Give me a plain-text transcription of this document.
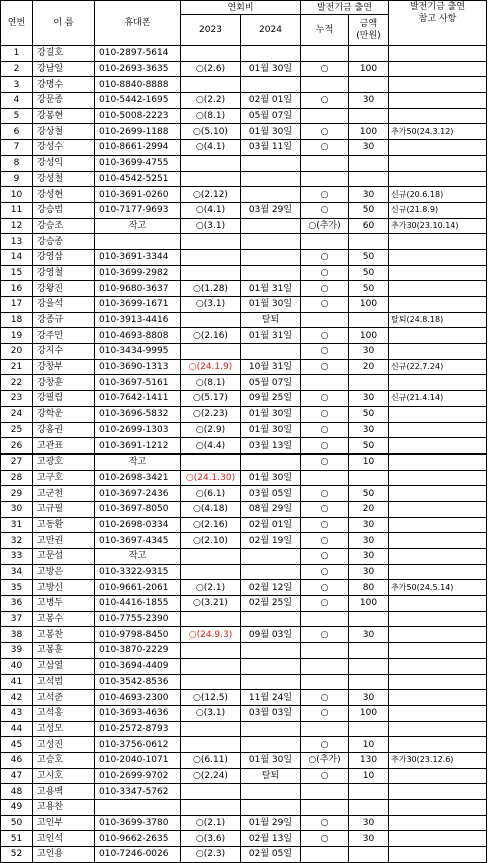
연번	이 름	휴대폰	연회비		발전기금 출연		발전기금 출연
참고 사항
			2023	2024	누적	금액
(만원)	
1	강길호	010-2897-5614					
2	강남일	010-2693-3635	○(2.6)	01월 30일	○	100	
3	강명수	010-8840-8888					
4	강문종	010-5442-1695	○(2.2)	02월 01일	○	30	
5	강봉현	010-5008-2223	○(8.1)	05월 07일			
6	강상철	010-2699-1188	○(5.10)	01월 30일	○	100	추가50(24.3.12)
7	강성수	010-8661-2994	○(4.1)	03월 11일	○	30	
8	강성익	010-3699-4755					
9	강성철	010-4542-5251					
10	강성현	010-3691-0260	○(2.12)		○	30	신규(20.6.18)
11	강승범	010-7177-9693	○(4.1)	03월 29일	○	50	신규(21.8.9)
12	강승조	작고	○(3.1)		○(추가)	60	추가30(23.10.14)
13	강승종						
14	강영삼	010-3691-3344			○	50	
15	강영철	010-3699-2982			○	50	
16	강왕진	010-9680-3637	○(1.28)	01월 31일	○	50	
17	강을석	010-3699-1671	○(3.1)	01월 30일	○	100	
18	강종규	010-3913-4416		탈퇴			탈퇴(24.8.18)
19	강주민	010-4693-8808	○(2.16)	01월 31일	○	100	
20	강지수	010-3434-9995			○	30	
21	강창부	010-3690-1313	○(24.1.9)	10월 31일	○	20	신규(22.7.24)
22	강창훈	010-3697-5161	○(8.1)	05월 07일			
23	강필립	010-7642-1411	○(5.17)	09월 25일	○	30	신규(21.4.14)
24	강학운	010-3696-5832	○(2.23)	01월 30일	○	50	
25	강홍권	010-2699-1303	○(2.9)	01월 30일	○	30	
26	고관표	010-3691-1212	○(4.4)	03월 13일	○	50	
27	고광호	작고			○	10	
28	고구호	010-2698-3421	○(24.1.30)	01월 30일			
29	고군천	010-3697-2436	○(6.1)	03월 05일	○	50	
30	고규필	010-3697-8050	○(4.18)	08월 29일	○	20	
31	고동환	010-2698-0334	○(2.16)	02월 01일	○	30	
32	고만권	010-3697-4345	○(2.10)	02월 19일	○	30	
33	고문섭	작고			○	30	
34	고방은	010-3322-9315			○	30	
35	고방신	010-9661-2061	○(2.1)	02월 12일	○	80	추가50(24.5.14)
36	고병두	010-4416-1855	○(3.21)	02월 25일	○	100	
37	고봉수	010-7755-2390					
38	고봉찬	010-9798-8450	○(24.9.3)	09월 03일	○	30	
39	고봉훈	010-3870-2229					
40	고삼열	010-3694-4409					
41	고석범	010-3542-8536					
42	고석준	010-4693-2300	○(12.5)	11월 24일	○	30	
43	고석홍	010-3693-4636	○(3.1)	03월 03일	○	100	
44	고성모	010-2572-8793					
45	고성진	010-3756-0612			○	10	
46	고승호	010-2040-1071	○(6.11)	01월 30일	○(추가)	130	추가30(23.12.6)
47	고시호	010-2699-9702	○(2.24)	탈퇴	○	10	
48	고용백	010-3347-5762					
49	고용찬						
50	고인부	010-3699-3780	○(2.1)	01월 29일	○	30	
51	고인석	010-9662-2635	○(3.6)	02월 13일	○	30	
52	고인용	010-7246-0026	○(2.3)	02월 05일			
